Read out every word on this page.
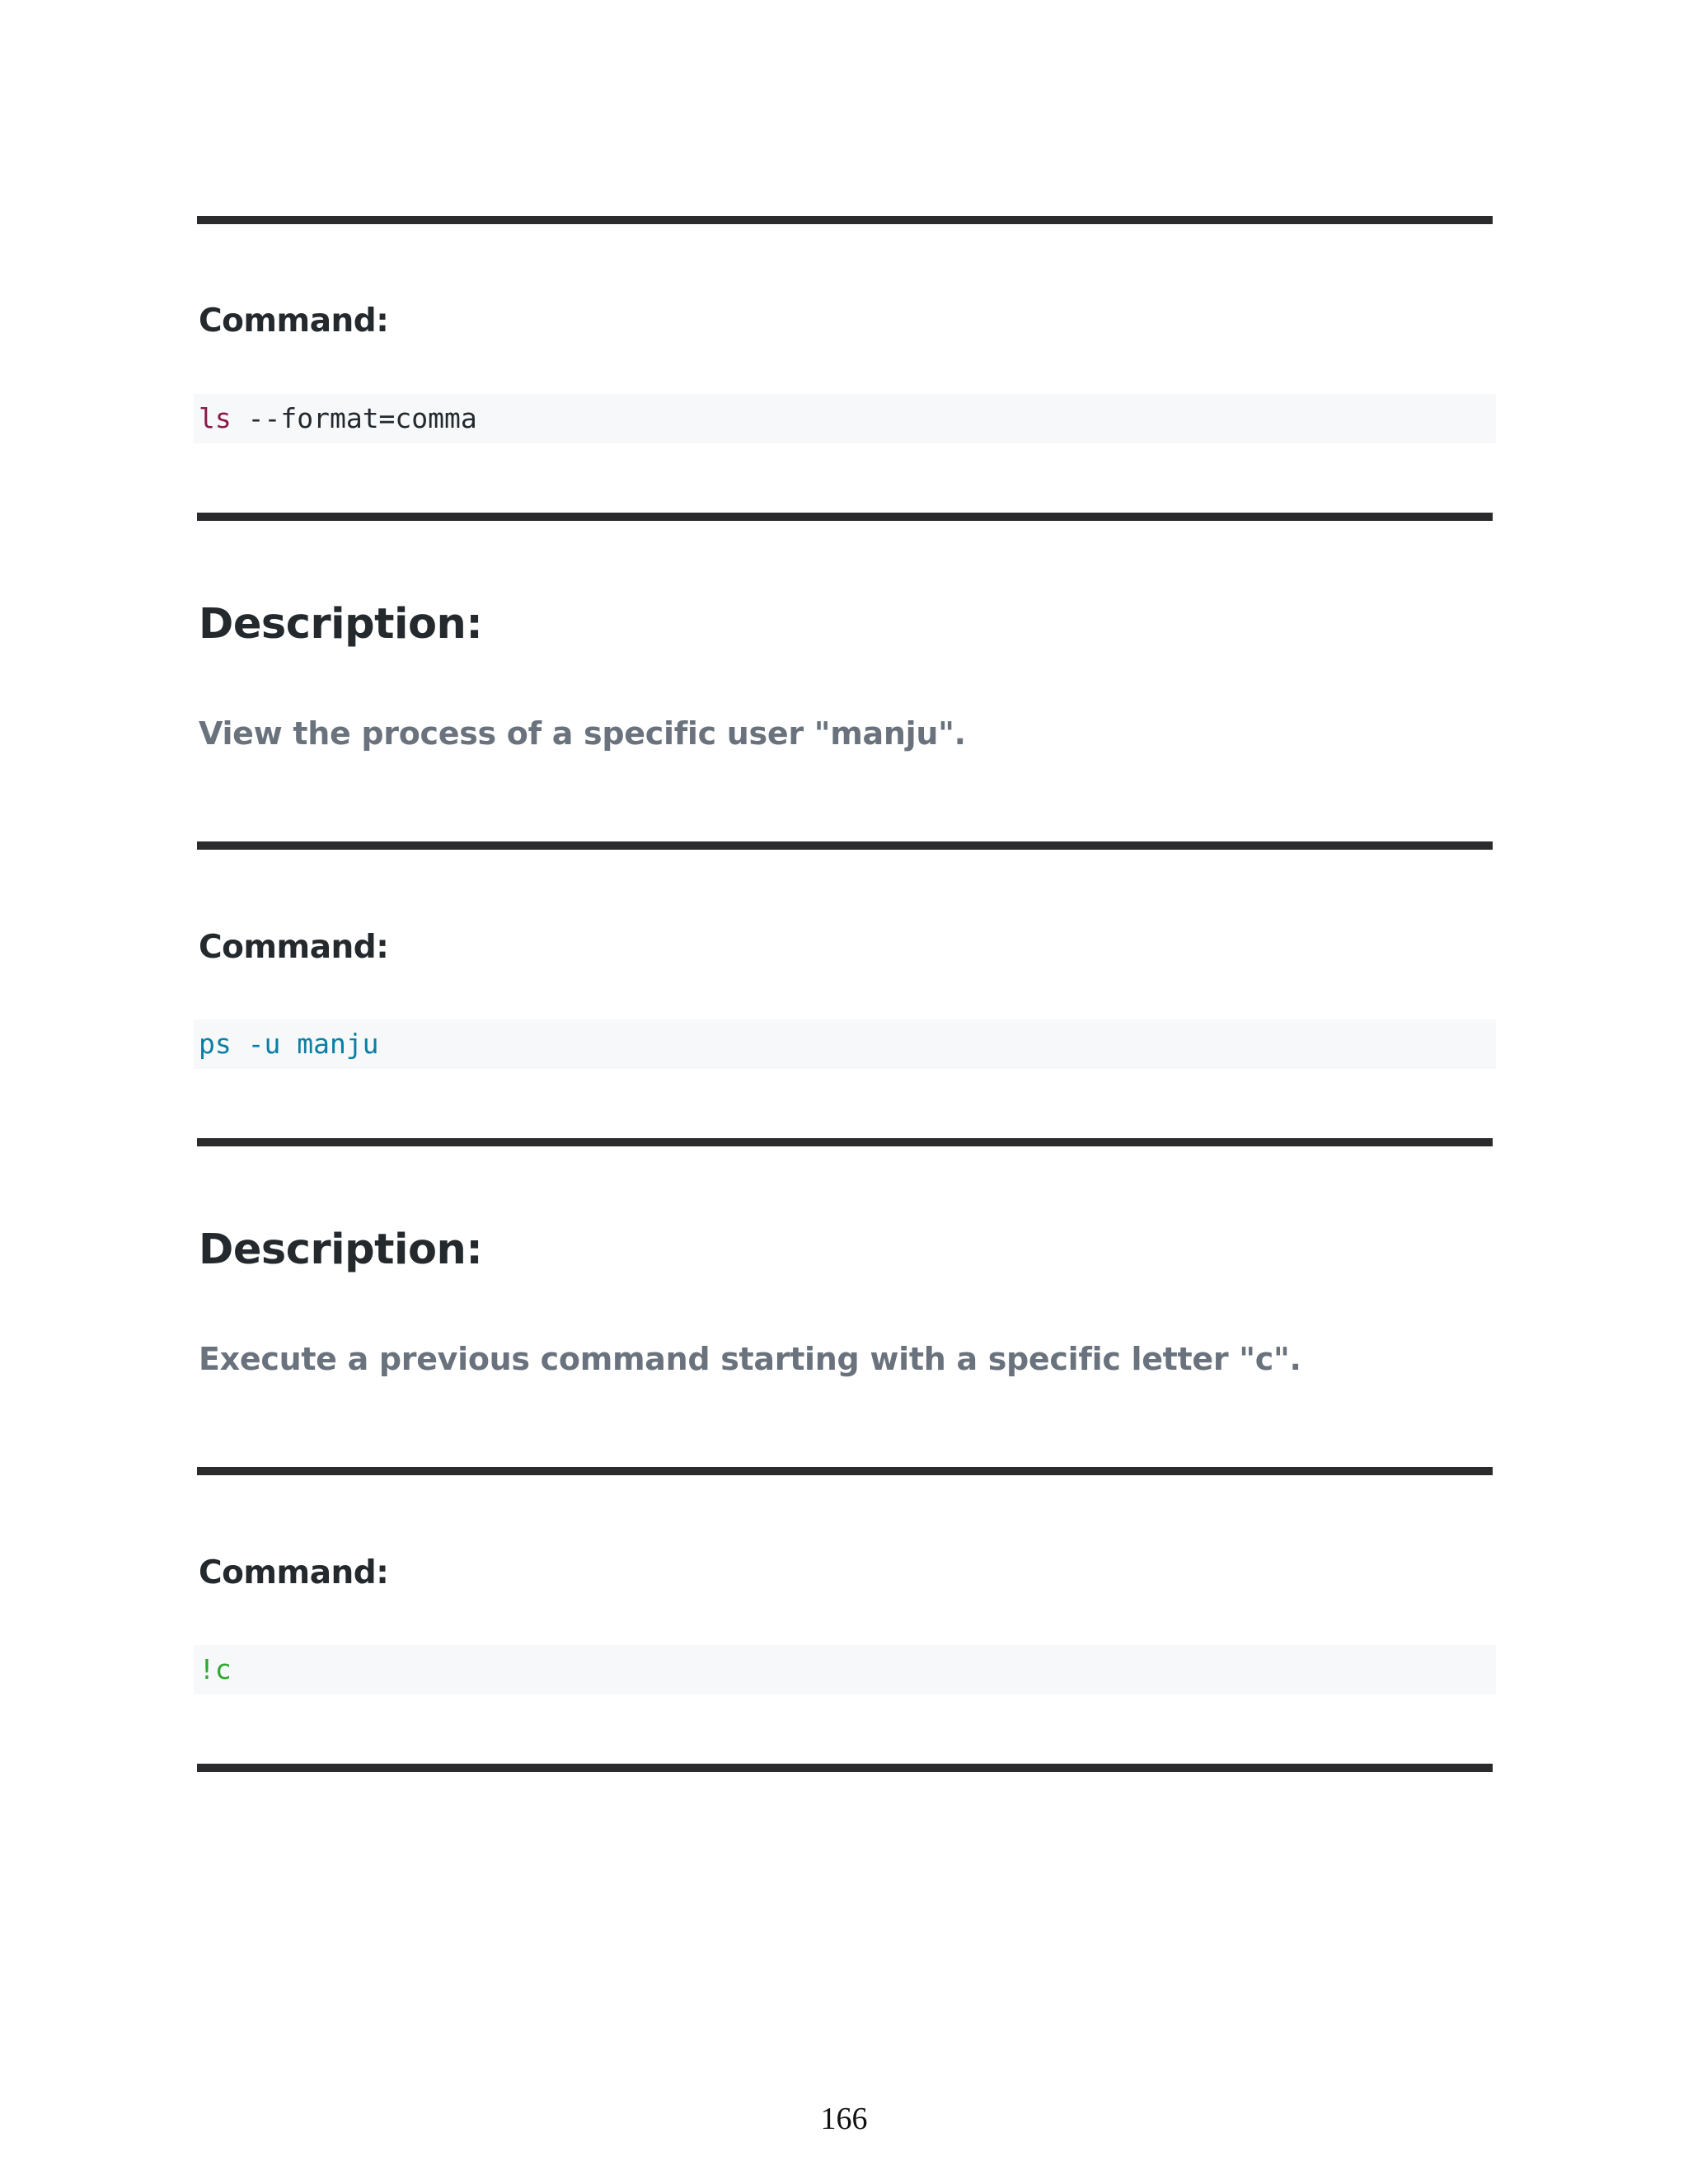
Command:
ls --format=comma
Description:
View the process of a specific user "manju".
Command:
ps -u manju
Description:
Execute a previous command starting with a specific letter "c".
Command:
!c
166
